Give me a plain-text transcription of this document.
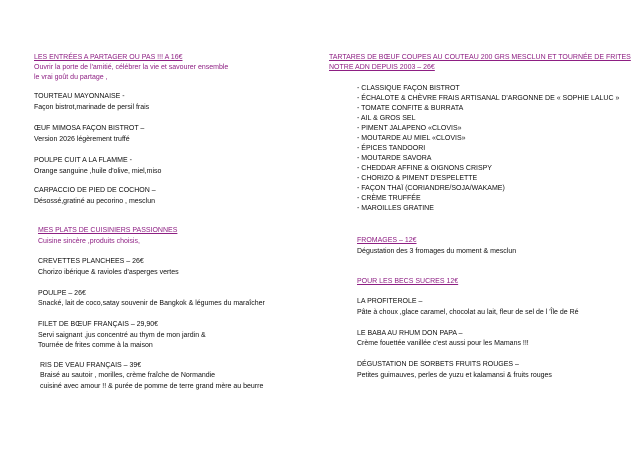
LES ENTRÉES A PARTAGER OU PAS !!! A 16€
Ouvrir la porte de l'amitié, célébrer la vie et savourer ensemble
le vrai goût du partage ,
TOURTEAU MAYONNAISE -
Façon bistrot,marinade de persil frais
ŒUF MIMOSA FAÇON BISTROT –
Version 2026 légèrement truffé
POULPE CUIT A LA FLAMME -
Orange sanguine ,huile d'olive, miel,miso
CARPACCIO DE PIED DE COCHON –
Désossé,gratiné au pecorino , mesclun
MES PLATS DE CUISINIERS PASSIONNES
Cuisine sincère ,produits choisis,
CREVETTES PLANCHEES – 26€
Chorizo ibérique & ravioles d'asperges vertes
POULPE – 26€
Snacké, lait de coco,satay souvenir de Bangkok & légumes du maraîcher
FILET DE BŒUF FRANÇAIS – 29,90€
Servi saignant ,jus concentré au thym de mon jardin &
Tournée de frites comme à la maison
RIS DE VEAU FRANÇAIS – 39€
Braisé au sautoir , morilles, crème fraîche de Normandie
cuisiné avec amour !! & purée de pomme de terre grand mère au beurre
TARTARES DE BŒUF COUPES AU COUTEAU 200 GRS MESCLUN ET TOURNÉE DE FRITES
NOTRE ADN DEPUIS 2003 – 26€
- CLASSIQUE FAÇON BISTROT
- ÉCHALOTE & CHÈVRE FRAIS ARTISANAL D'ARGONNE DE « SOPHIE LALUC »
- TOMATE CONFITE & BURRATA
- AIL & GROS SEL
- PIMENT JALAPENO «CLOVIS»
- MOUTARDE AU MIEL «CLOVIS»
- ÉPICES TANDOORI
- MOUTARDE SAVORA
- CHEDDAR AFFINE & OIGNONS CRISPY
- CHORIZO & PIMENT D'ESPELETTE
- FAÇON THAÏ (CORIANDRE/SOJA/WAKAME)
- CRÈME TRUFFÉE
- MAROILLES GRATINE
FROMAGES – 12€
Dégustation des 3 fromages du moment & mesclun
POUR LES BECS SUCRES 12€
LA PROFITEROLE –
Pâte à choux ,glace caramel, chocolat au lait, fleur de sel de l 'Île de Ré
LE BABA AU RHUM DON PAPA –
Crème fouettée vanillée c'est aussi pour les Mamans !!!
DÉGUSTATION DE SORBETS FRUITS ROUGES –
Petites guimauves, perles de yuzu et kalamansi & fruits rouges
